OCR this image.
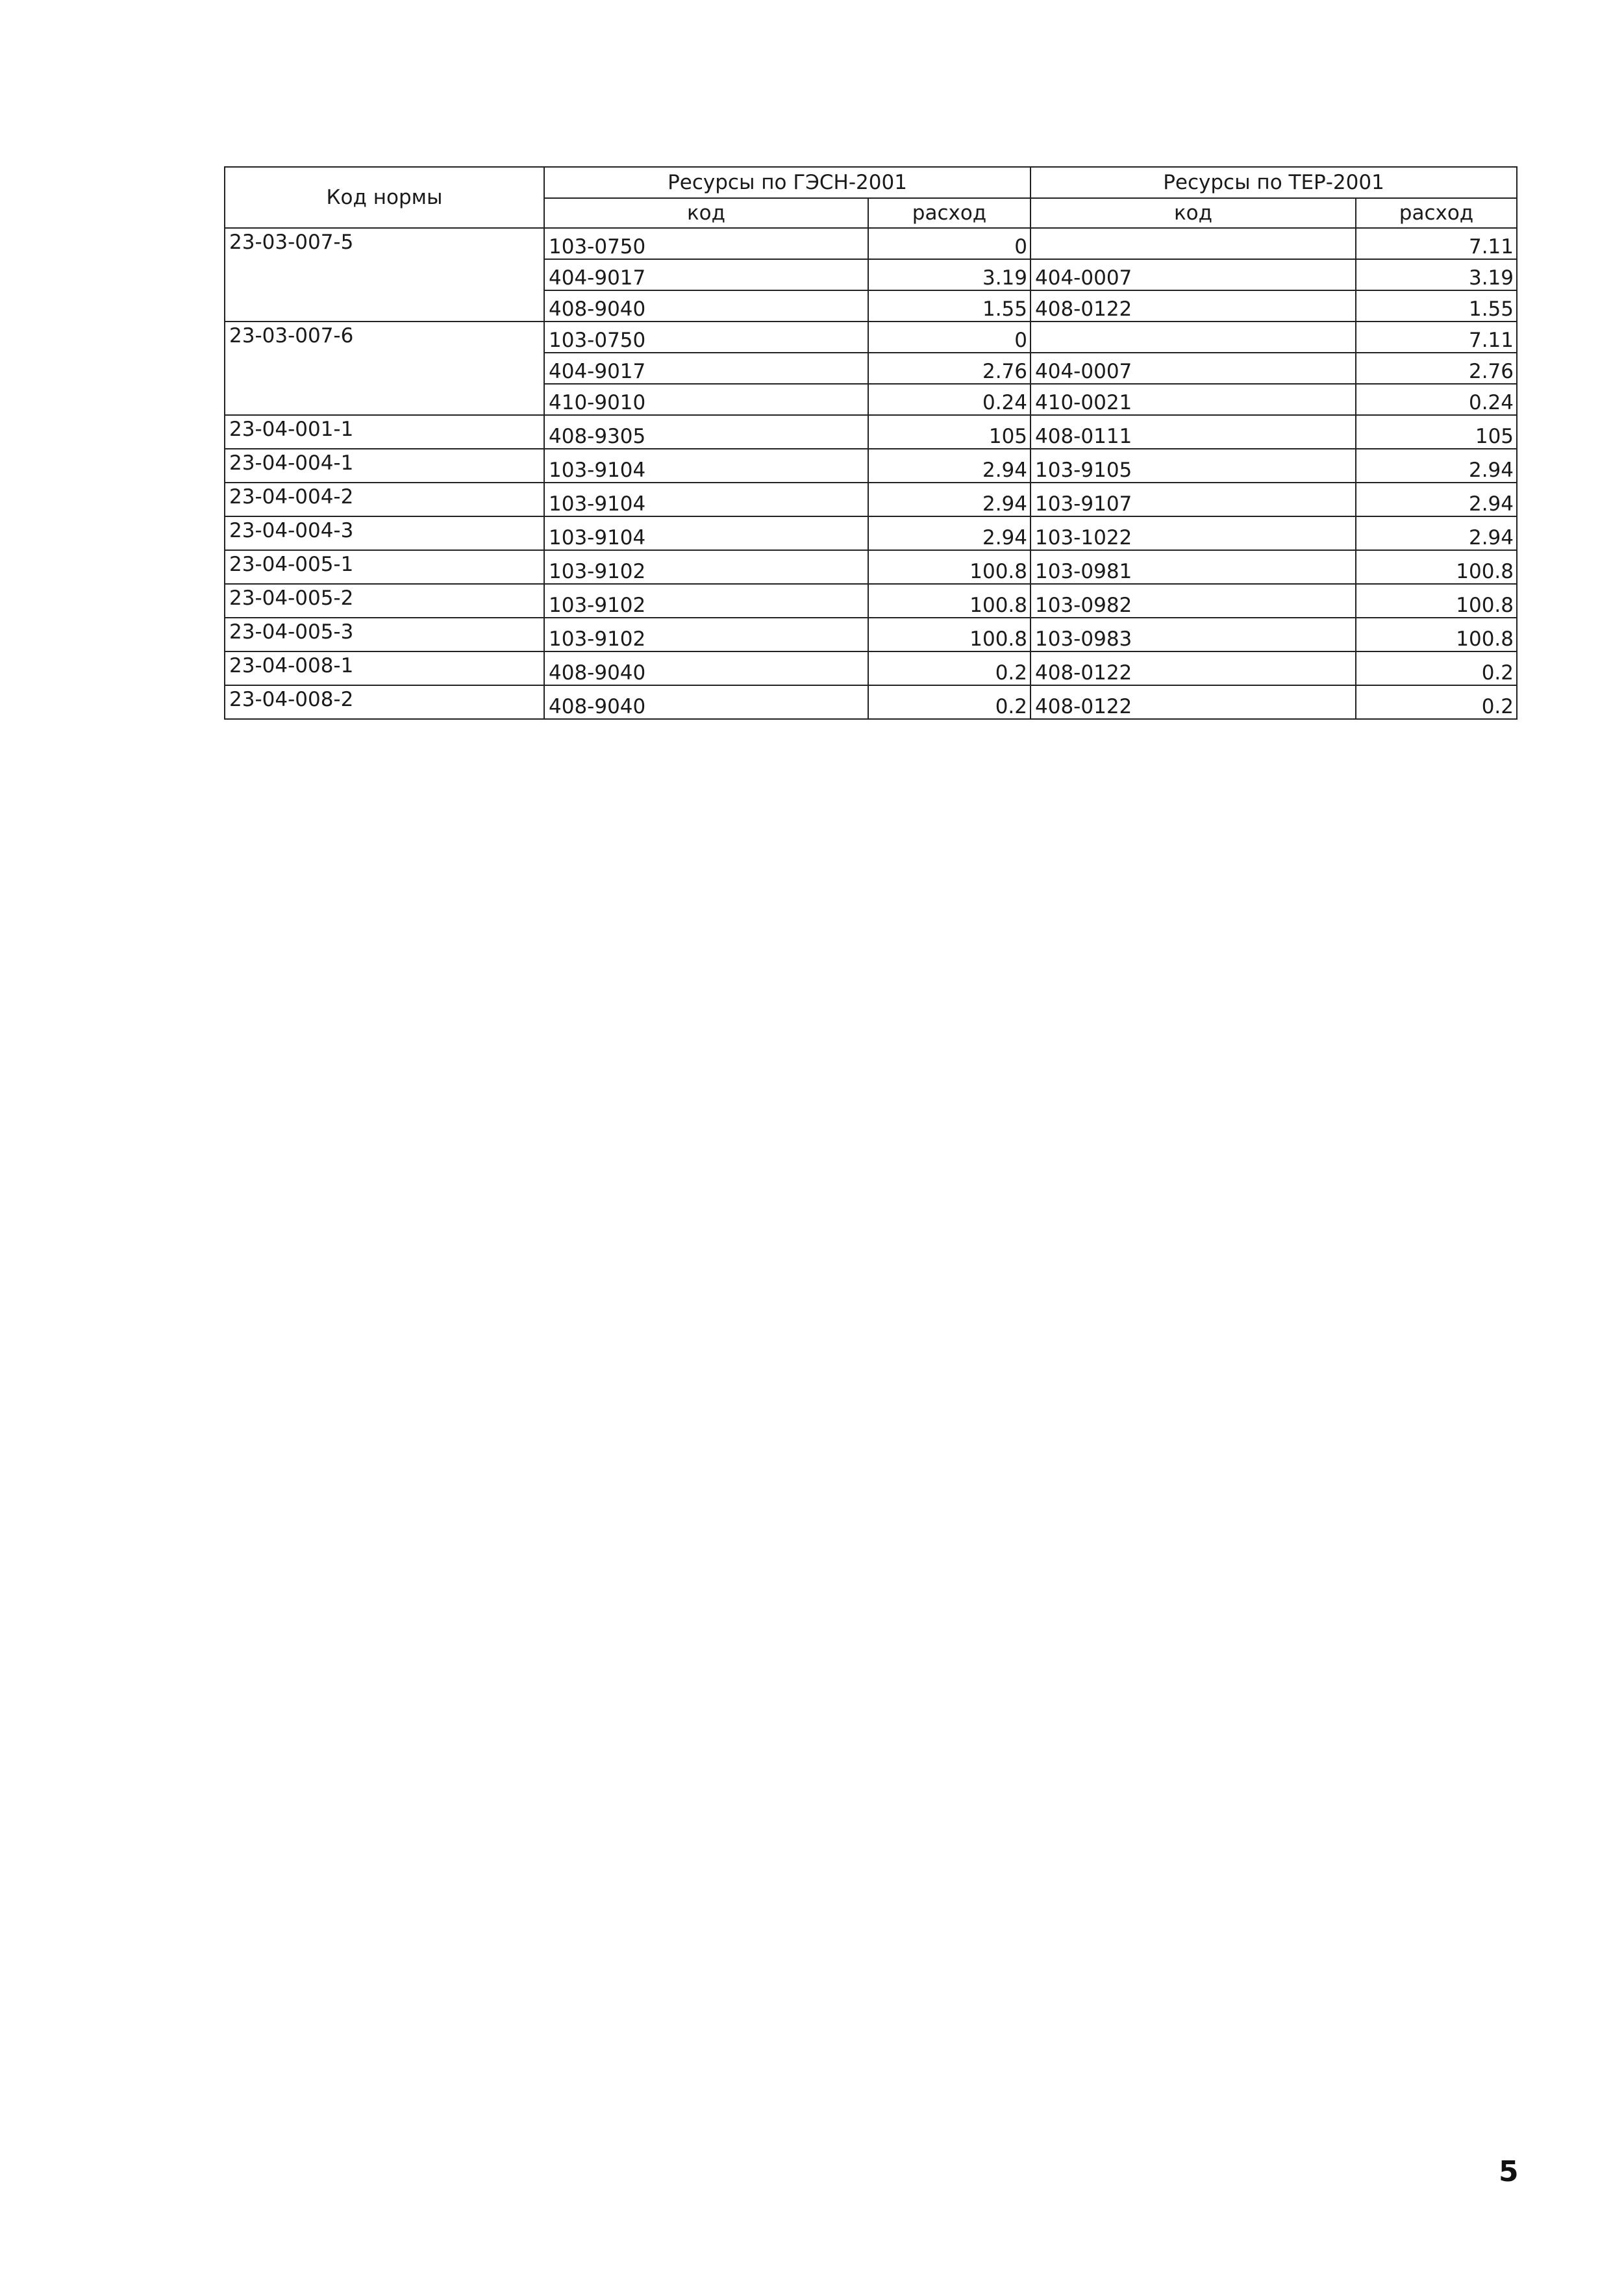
Код нормы	Ресурсы по ГЭСН-2001		Ресурсы по ТЕР-2001	
	код	расход	код	расход
23-03-007-5	103-0750	0		7.11
	404-9017	3.19	404-0007	3.19
	408-9040	1.55	408-0122	1.55
23-03-007-6	103-0750	0		7.11
	404-9017	2.76	404-0007	2.76
	410-9010	0.24	410-0021	0.24
23-04-001-1	408-9305	105	408-0111	105
23-04-004-1	103-9104	2.94	103-9105	2.94
23-04-004-2	103-9104	2.94	103-9107	2.94
23-04-004-3	103-9104	2.94	103-1022	2.94
23-04-005-1	103-9102	100.8	103-0981	100.8
23-04-005-2	103-9102	100.8	103-0982	100.8
23-04-005-3	103-9102	100.8	103-0983	100.8
23-04-008-1	408-9040	0.2	408-0122	0.2
23-04-008-2	408-9040	0.2	408-0122	0.2
5
